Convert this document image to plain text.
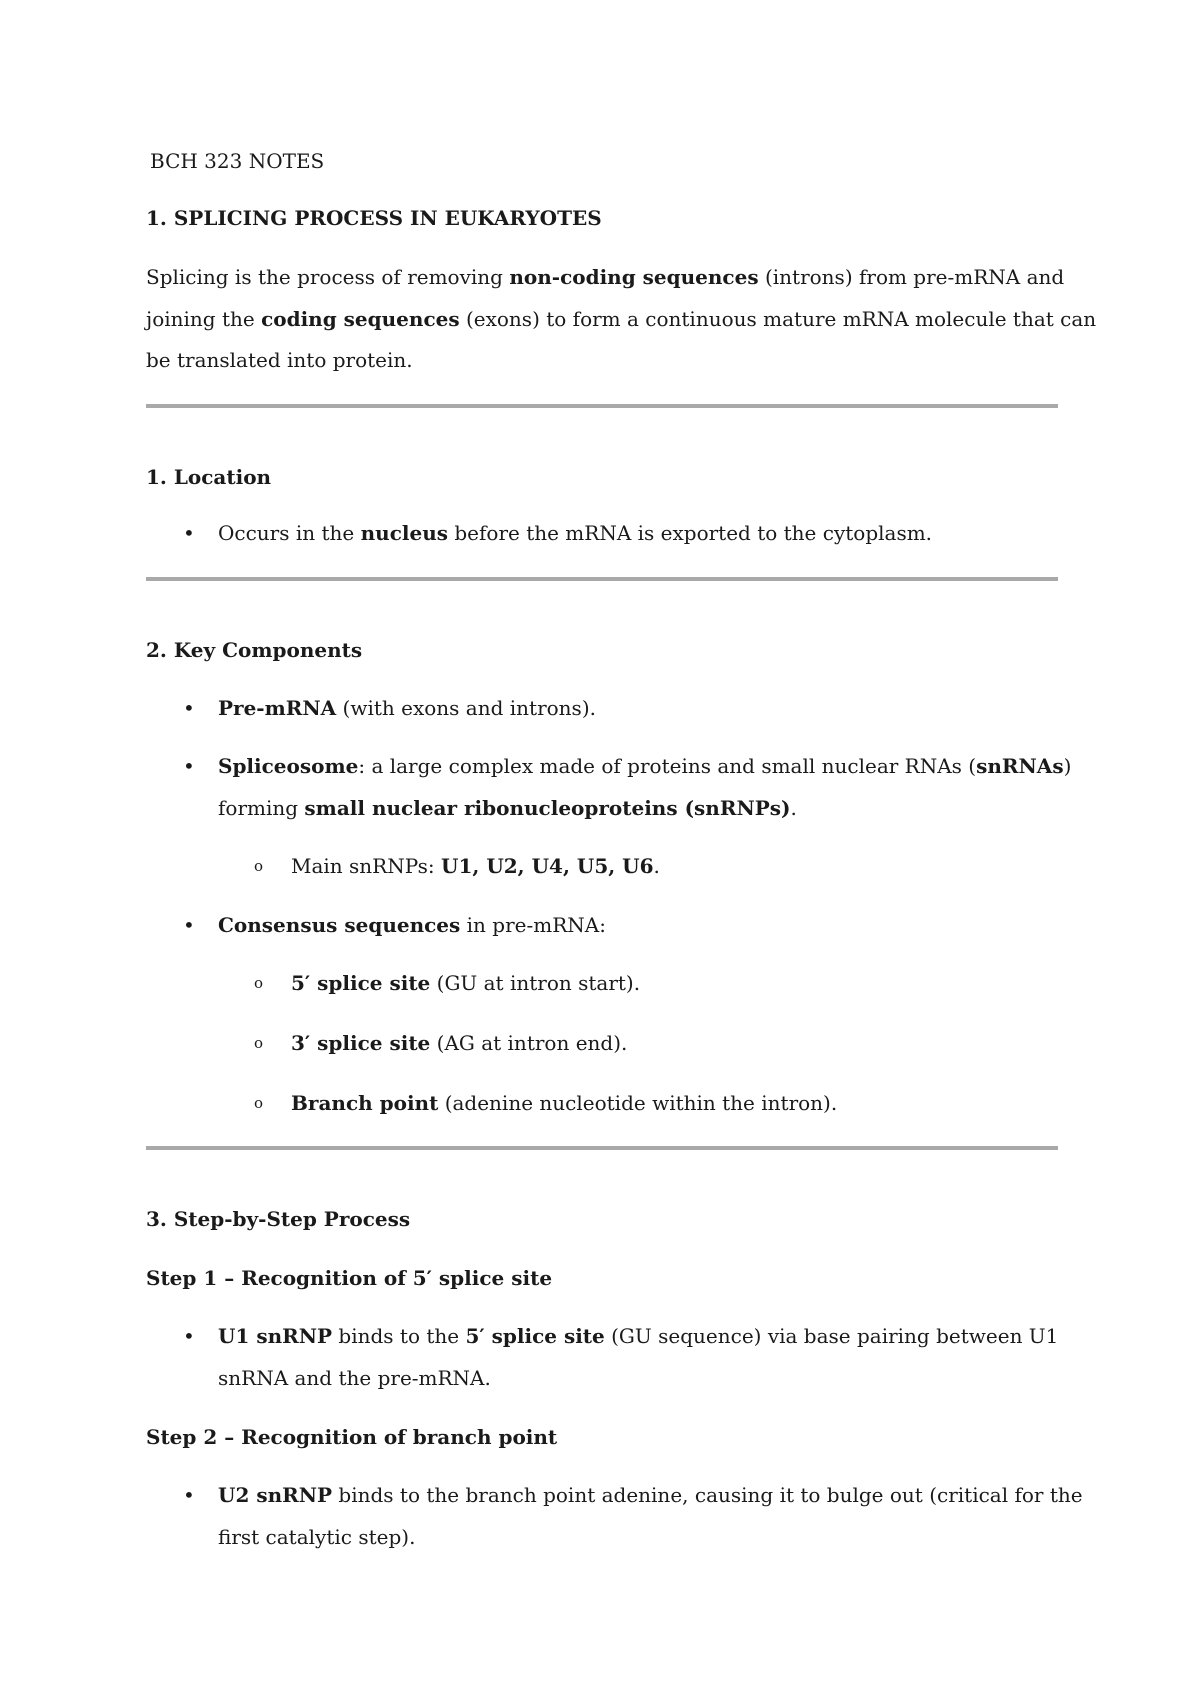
BCH 323 NOTES
1. SPLICING PROCESS IN EUKARYOTES
Splicing is the process of removing non-coding sequences (introns) from pre-mRNA and
joining the coding sequences (exons) to form a continuous mature mRNA molecule that can
be translated into protein.
1. Location
• Occurs in the nucleus before the mRNA is exported to the cytoplasm.
2. Key Components
• Pre-mRNA (with exons and introns).
• Spliceosome: a large complex made of proteins and small nuclear RNAs (snRNAs)
forming small nuclear ribonucleoproteins (snRNPs).
o Main snRNPs: U1, U2, U4, U5, U6.
• Consensus sequences in pre-mRNA:
o 5′ splice site (GU at intron start).
o 3′ splice site (AG at intron end).
o Branch point (adenine nucleotide within the intron).
3. Step-by-Step Process
Step 1 – Recognition of 5′ splice site
• U1 snRNP binds to the 5′ splice site (GU sequence) via base pairing between U1
snRNA and the pre-mRNA.
Step 2 – Recognition of branch point
• U2 snRNP binds to the branch point adenine, causing it to bulge out (critical for the
first catalytic step).
